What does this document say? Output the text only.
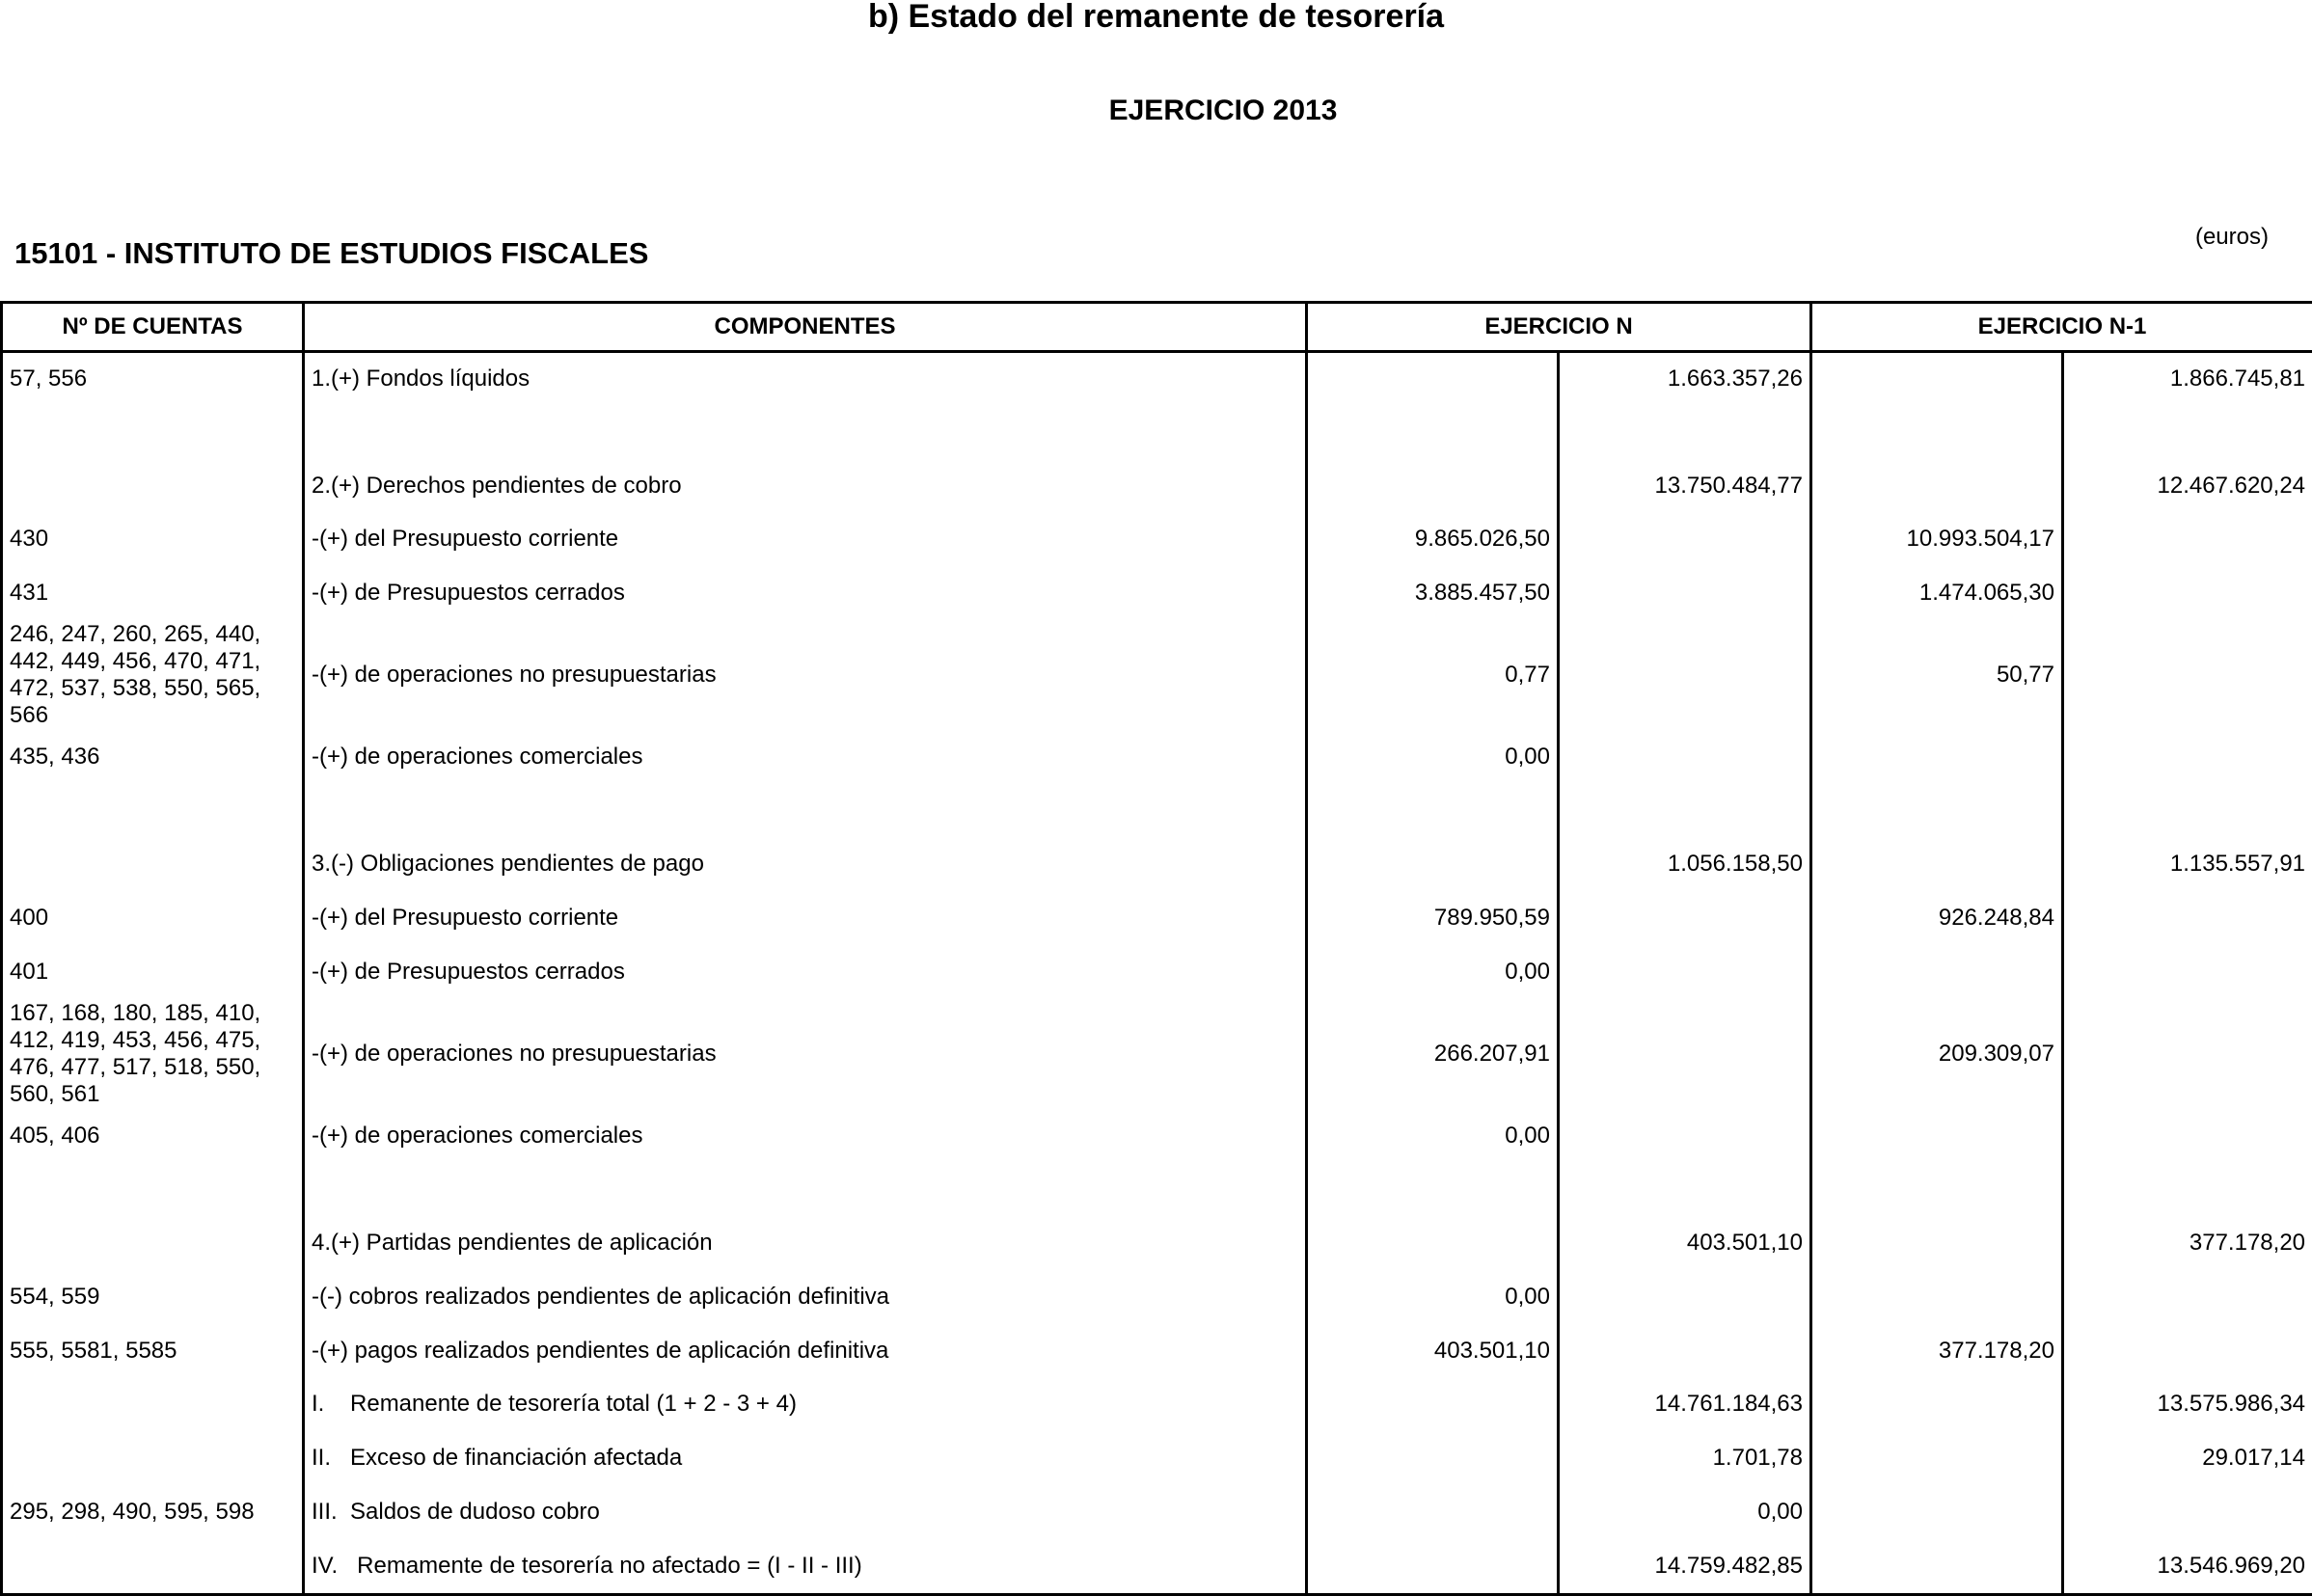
b) Estado del remanente de tesorería
EJERCICIO 2013
15101 - INSTITUTO DE ESTUDIOS FISCALES	(euros)
Nº DE CUENTAS	COMPONENTES	EJERCICIO N		EJERCICIO N-1	
57, 556	1.(+) Fondos líquidos		1.663.357,26		1.866.745,81

	2.(+) Derechos pendientes de cobro		13.750.484,77		12.467.620,24
430	-(+) del Presupuesto corriente	9.865.026,50		10.993.504,17	
431	-(+) de Presupuestos cerrados	3.885.457,50		1.474.065,30	
246, 247, 260, 265, 440, 442, 449, 456, 470, 471, 472, 537, 538, 550, 565, 566	-(+) de operaciones no presupuestarias	0,77		50,77	
435, 436	-(+) de operaciones comerciales	0,00			

	3.(-) Obligaciones pendientes de pago		1.056.158,50		1.135.557,91
400	-(+) del Presupuesto corriente	789.950,59		926.248,84	
401	-(+) de Presupuestos cerrados	0,00			
167, 168, 180, 185, 410, 412, 419, 453, 456, 475, 476, 477, 517, 518, 550, 560, 561	-(+) de operaciones no presupuestarias	266.207,91		209.309,07	
405, 406	-(+) de operaciones comerciales	0,00			

	4.(+) Partidas pendientes de aplicación		403.501,10		377.178,20
554, 559	-(-) cobros realizados pendientes de aplicación definitiva	0,00			
555, 5581, 5585	-(+) pagos realizados pendientes de aplicación definitiva	403.501,10		377.178,20	
	I.    Remanente de tesorería total (1 + 2 - 3 + 4)		14.761.184,63		13.575.986,34
	II.   Exceso de financiación afectada		1.701,78		29.017,14
295, 298, 490, 595, 598	III.  Saldos de dudoso cobro		0,00		
	IV.   Remamente de tesorería no afectado = (I - II - III)		14.759.482,85		13.546.969,20
